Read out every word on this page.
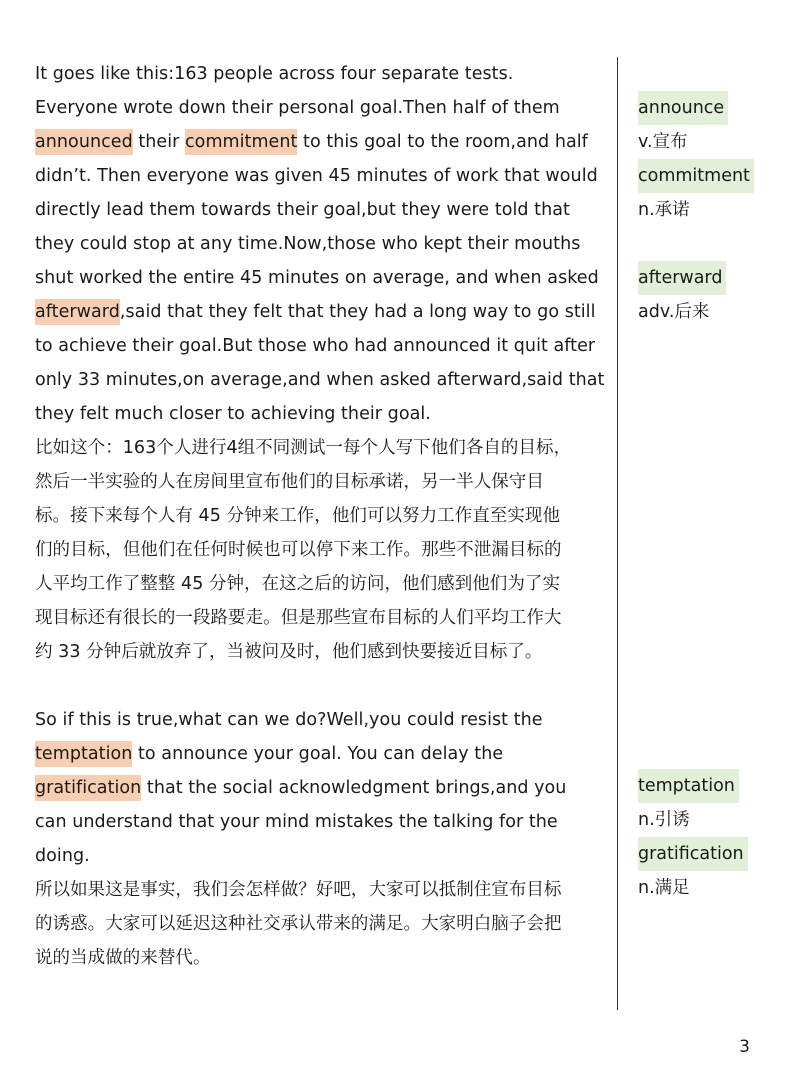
It goes like this:163 people across four separate tests.
Everyone wrote down their personal goal.Then half of them
announced their commitment to this goal to the room,and half
didn’t. Then everyone was given 45 minutes of work that would
directly lead them towards their goal,but they were told that
they could stop at any time.Now,those who kept their mouths
shut worked the entire 45 minutes on average, and when asked
afterward,said that they felt that they had a long way to go still
to achieve their goal.But those who had announced it quit after
only 33 minutes,on average,and when asked afterward,said that
they felt much closer to achieving their goal.
比如这个：163个人进行4组不同测试一每个人写下他们各自的目标，
然后一半实验的人在房间里宣布他们的目标承诺，另一半人保守目
标。接下来每个人有 45 分钟来工作，他们可以努力工作直至实现他
们的目标，但他们在任何时候也可以停下来工作。那些不泄漏目标的
人平均工作了整整 45 分钟，在这之后的访问，他们感到他们为了实
现目标还有很长的一段路要走。但是那些宣布目标的人们平均工作大
约 33 分钟后就放弃了，当被问及时，他们感到快要接近目标了。
So if this is true,what can we do?Well,you could resist the
temptation to announce your goal. You can delay the
gratification that the social acknowledgment brings,and you
can understand that your mind mistakes the talking for the
doing.
所以如果这是事实，我们会怎样做？好吧，大家可以抵制住宣布目标
的诱惑。大家可以延迟这种社交承认带来的满足。大家明白脑子会把
说的当成做的来替代。
announce
v.宣布
commitment
n.承诺
afterward
adv.后来
temptation
n.引诱
gratification
n.满足
3
